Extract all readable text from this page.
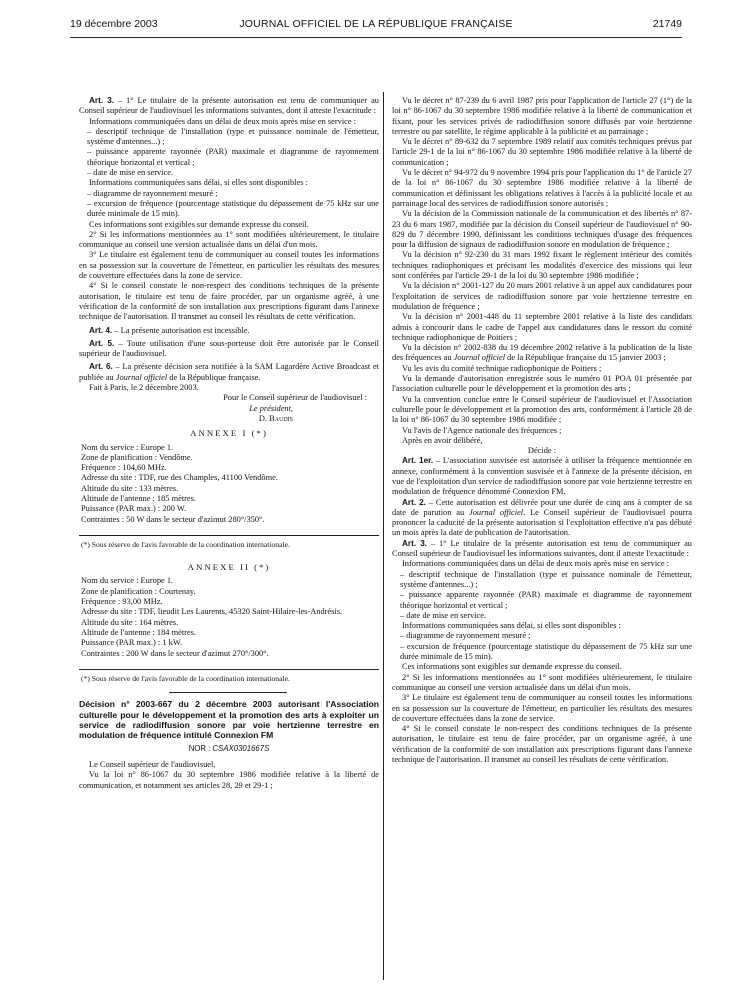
19 décembre 2003	JOURNAL OFFICIEL DE LA RÉPUBLIQUE FRANÇAISE	21749

Art. 3. – 1° Le titulaire de la présente autorisation est tenu de communiquer au Conseil supérieur de l'audiovisuel les informations suivantes, dont il atteste l'exactitude :

Informations communiquées dans un délai de deux mois après mise en service :

– descriptif technique de l'installation (type et puissance nominale de l'émetteur, système d'antennes...) ;

– puissance apparente rayonnée (PAR) maximale et diagramme de rayonnement théorique horizontal et vertical ;

– date de mise en service.

Informations communiquées sans délai, si elles sont disponibles :

– diagramme de rayonnement mesuré ;

– excursion de fréquence (pourcentage statistique du dépassement de 75 kHz sur une durée minimale de 15 min).

Ces informations sont exigibles sur demande expresse du conseil.

2° Si les informations mentionnées au 1° sont modifiées ultérieurement, le titulaire communique au conseil une version actualisée dans un délai d'un mois.

3° Le titulaire est également tenu de communiquer au conseil toutes les informations en sa possession sur la couverture de l'émetteur, en particulier les résultats des mesures de couverture effectuées dans la zone de service.

4° Si le conseil constate le non-respect des conditions techniques de la présente autorisation, le titulaire est tenu de faire procéder, par un organisme agréé, à une vérification de la conformité de son installation aux prescriptions figurant dans l'annexe technique de l'autorisation. Il transmet au conseil les résultats de cette vérification.

Art. 4. – La présente autorisation est incessible.

Art. 5. – Toute utilisation d'une sous-porteuse doit être autorisée par le Conseil supérieur de l'audiovisuel.

Art. 6. – La présente décision sera notifiée à la SAM Lagardère Active Broadcast et publiée au Journal officiel de la République française.

Fait à Paris, le 2 décembre 2003.

Pour le Conseil supérieur de l'audiovisuel :

Le président,

D. Baudis

ANNEXE I (*)

Nom du service : Europe 1.

Zone de planification : Vendôme.

Fréquence : 104,60 MHz.

Adresse du site : TDF, rue des Champles, 41100 Vendôme.

Altitude du site : 133 mètres.

Altitude de l'antenne : 185 mètres.

Puissance (PAR max.) : 200 W.

Contraintes : 50 W dans le secteur d'azimut 280°/350°.

(*) Sous réserve de l'avis favorable de la coordination internationale.

ANNEXE II (*)

Nom du service : Europe 1.

Zone de planification : Courtenay.

Fréquence : 93,00 MHz.

Adresse du site : TDF, lieudit Les Laurents, 45320 Saint-Hilaire-les-Andrésis.

Altitude du site : 164 mètres.

Altitude de l'antenne : 184 mètres.

Puissance (PAR max.) : 1 kW.

Contraintes : 200 W dans le secteur d'azimut 270°/300°.

(*) Sous réserve de l'avis favorable de la coordination internationale.

Décision n° 2003-667 du 2 décembre 2003 autorisant l'Association culturelle pour le développement et la promotion des arts à exploiter un service de radiodiffusion sonore par voie hertzienne terrestre en modulation de fréquence intitulé Connexion FM
NOR : CSAX0301667S

Le Conseil supérieur de l'audiovisuel,

Vu la loi n° 86-1067 du 30 septembre 1986 modifiée relative à la liberté de communication, et notamment ses articles 28, 29 et 29-1 ;

Vu le décret n° 87-239 du 6 avril 1987 pris pour l'application de l'article 27 (1°) de la loi n° 86-1067 du 30 septembre 1986 modifiée relative à la liberté de communication et fixant, pour les services privés de radiodiffusion sonore diffusés par voie hertzienne terrestre ou par satellite, le régime applicable à la publicité et au parrainage ;

Vu le décret n° 89-632 du 7 septembre 1989 relatif aux comités techniques prévus par l'article 29-1 de la loi n° 86-1067 du 30 septembre 1986 modifiée relative à la liberté de communication ;

Vu le décret n° 94-972 du 9 novembre 1994 pris pour l'application du 1° de l'article 27 de la loi n° 86-1067 du 30 septembre 1986 modifiée relative à la liberté de communication et définissant les obligations relatives à l'accès à la publicité locale et au parrainage local des services de radiodiffusion sonore autorisés ;

Vu la décision de la Commission nationale de la communication et des libertés n° 87-23 du 6 mars 1987, modifiée par la décision du Conseil supérieur de l'audiovisuel n° 90-829 du 7 décembre 1990, définissant les conditions techniques d'usage des fréquences pour la diffusion de signaux de radiodiffusion sonore en modulation de fréquence ;

Vu la décision n° 92-230 du 31 mars 1992 fixant le règlement intérieur des comités techniques radiophoniques et précisant les modalités d'exercice des missions qui leur sont conférées par l'article 29-1 de la loi du 30 septembre 1986 modifiée ;

Vu la décision n° 2001-127 du 20 mars 2001 relative à un appel aux candidatures pour l'exploitation de services de radiodiffusion sonore par voie hertzienne terrestre en modulation de fréquence ;

Vu la décision n° 2001-448 du 11 septembre 2001 relative à la liste des candidats admis à concourir dans le cadre de l'appel aux candidatures dans le ressort du comité technique radiophonique de Poitiers ;

Vu la décision n° 2002-838 du 19 décembre 2002 relative à la publication de la liste des fréquences au Journal officiel de la République française du 15 janvier 2003 ;

Vu les avis du comité technique radiophonique de Poitiers ;

Vu la demande d'autorisation enregistrée sous le numéro 01 POA 01 présentée par l'association culturelle pour le développement et la promotion des arts ;

Vu la convention conclue entre le Conseil supérieur de l'audiovisuel et l'Association culturelle pour le développement et la promotion des arts, conformément à l'article 28 de la loi n° 86-1067 du 30 septembre 1986 modifiée ;

Vu l'avis de l'Agence nationale des fréquences ;

Après en avoir délibéré,

Décide :

Art. 1er. – L'association susvisée est autorisée à utiliser la fréquence mentionnée en annexe, conformément à la convention susvisée et à l'annexe de la présente décision, en vue de l'exploitation d'un service de radiodiffusion sonore par voie hertzienne terrestre en modulation de fréquence dénommé Connexion FM.

Art. 2. – Cette autorisation est délivrée pour une durée de cinq ans à compter de sa date de parution au Journal officiel. Le Conseil supérieur de l'audiovisuel pourra prononcer la caducité de la présente autorisation si l'exploitation effective n'a pas débuté un mois après la date de publication de l'autorisation.

Art. 3. – 1° Le titulaire de la présente autorisation est tenu de communiquer au Conseil supérieur de l'audiovisuel les informations suivantes, dont il atteste l'exactitude :

Informations communiquées dans un délai de deux mois après mise en service :

– descriptif technique de l'installation (type et puissance nominale de l'émetteur, système d'antennes...) ;

– puissance apparente rayonnée (PAR) maximale et diagramme de rayonnement théorique horizontal et vertical ;

– date de mise en service.

Informations communiquées sans délai, si elles sont disponibles :

– diagramme de rayonnement mesuré ;

– excursion de fréquence (pourcentage statistique du dépassement de 75 kHz sur une durée minimale de 15 min).

Ces informations sont exigibles sur demande expresse du conseil.

2° Si les informations mentionnées au 1° sont modifiées ultérieurement, le titulaire communique au conseil une version actualisée dans un délai d'un mois.

3° Le titulaire est également tenu de communiquer au conseil toutes les informations en sa possession sur la couverture de l'émetteur, en particulier les résultats des mesures de couverture effectuées dans la zone de service.

4° Si le conseil constate le non-respect des conditions techniques de la présente autorisation, le titulaire est tenu de faire procéder, par un organisme agréé, à une vérification de la conformité de son installation aux prescriptions figurant dans l'annexe technique de l'autorisation. Il transmet au conseil les résultats de cette vérification.
